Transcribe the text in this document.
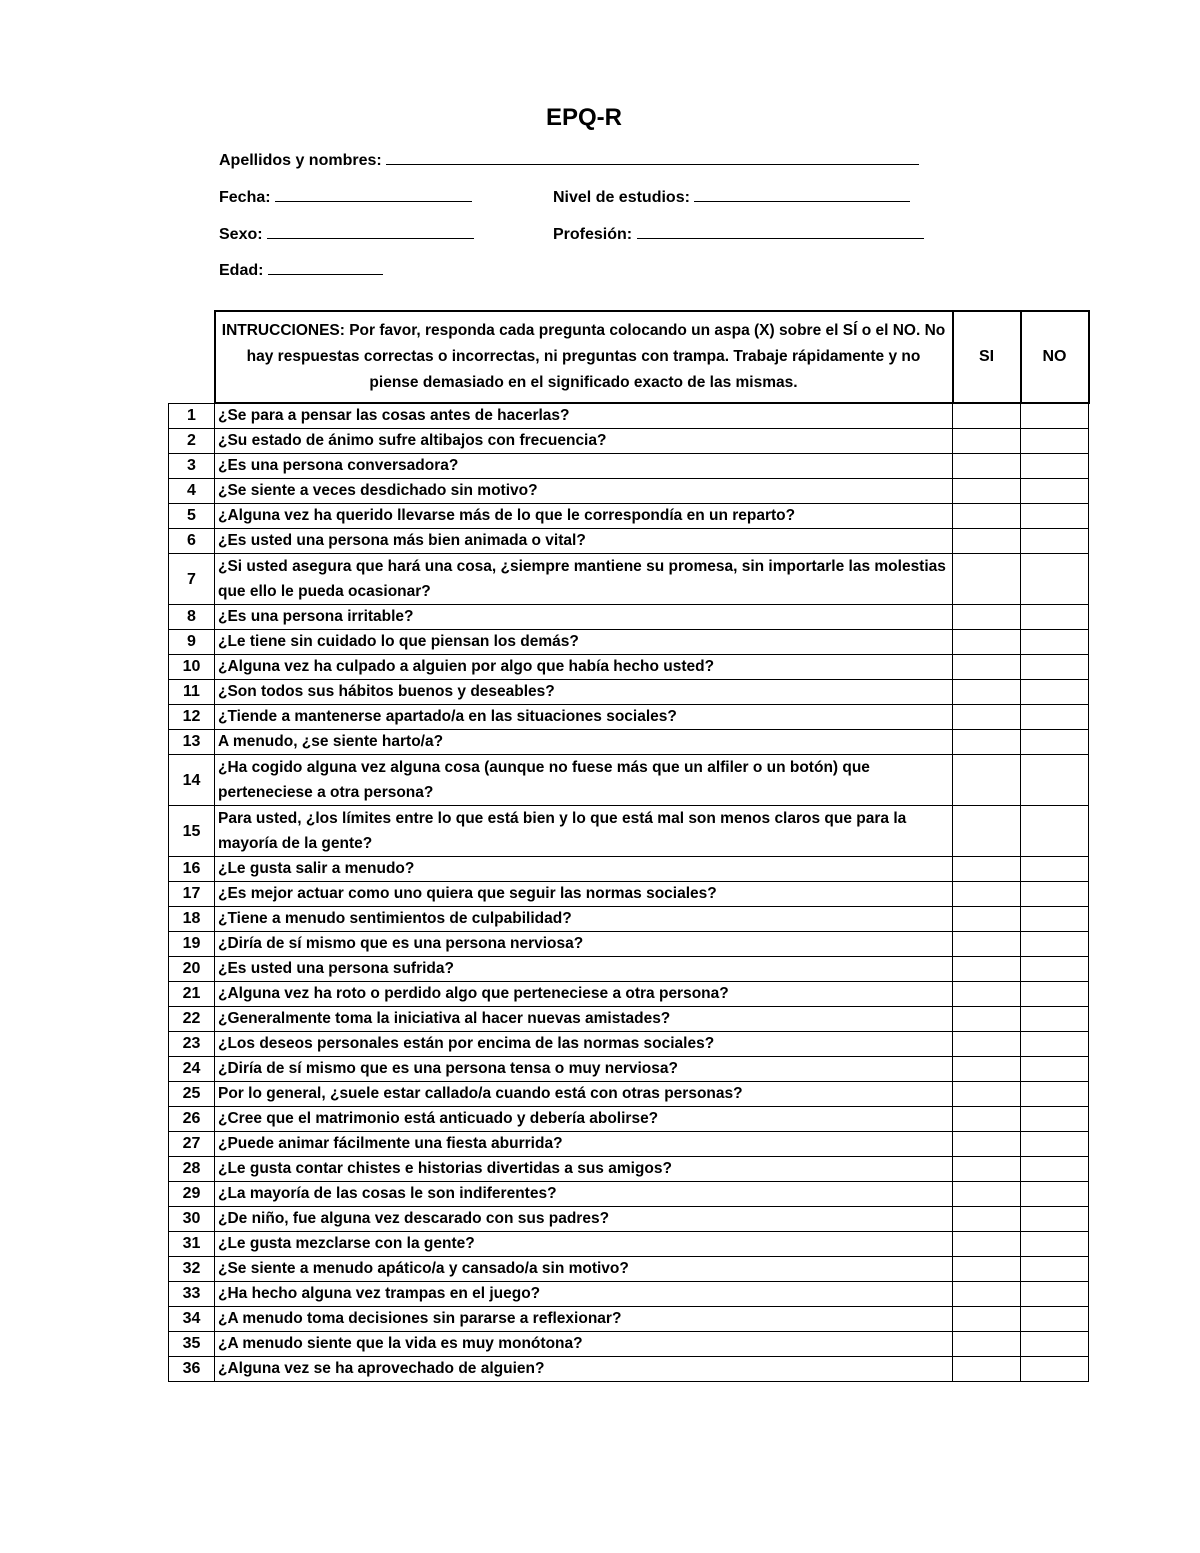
EPQ-R
Apellidos y nombres:
Fecha:	Nivel de estudios:
Sexo:	Profesión:
Edad:
	INTRUCCIONES: Por favor, responda cada pregunta colocando un aspa (X) sobre el SÍ o el NO. No hay respuestas correctas o incorrectas, ni preguntas con trampa. Trabaje rápidamente y no piense demasiado en el significado exacto de las mismas.	SI	NO
1	¿Se para a pensar las cosas antes de hacerlas?		
2	¿Su estado de ánimo sufre altibajos con frecuencia?		
3	¿Es una persona conversadora?		
4	¿Se siente a veces desdichado sin motivo?		
5	¿Alguna vez ha querido llevarse más de lo que le correspondía en un reparto?		
6	¿Es usted una persona más bien animada o vital?		
7	¿Si usted asegura que hará una cosa, ¿siempre mantiene su promesa, sin importarle las molestias que ello le pueda ocasionar?		
8	¿Es una persona irritable?		
9	¿Le tiene sin cuidado lo que piensan los demás?		
10	¿Alguna vez ha culpado a alguien por algo que había hecho usted?		
11	¿Son todos sus hábitos buenos y deseables?		
12	¿Tiende a mantenerse apartado/a en las situaciones sociales?		
13	A menudo, ¿se siente harto/a?		
14	¿Ha cogido alguna vez alguna cosa (aunque no fuese más que un alfiler o un botón) que perteneciese a otra persona?		
15	Para usted, ¿los límites entre lo que está bien y lo que está mal son menos claros que para la mayoría de la gente?		
16	¿Le gusta salir a menudo?		
17	¿Es mejor actuar como uno quiera que seguir las normas sociales?		
18	¿Tiene a menudo sentimientos de culpabilidad?		
19	¿Diría de sí mismo que es una persona nerviosa?		
20	¿Es usted una persona sufrida?		
21	¿Alguna vez ha roto o perdido algo que perteneciese a otra persona?		
22	¿Generalmente toma la iniciativa al hacer nuevas amistades?		
23	¿Los deseos personales están por encima de las normas sociales?		
24	¿Diría de sí mismo que es una persona tensa o muy nerviosa?		
25	Por lo general, ¿suele estar callado/a cuando está con otras personas?		
26	¿Cree que el matrimonio está anticuado y debería abolirse?		
27	¿Puede animar fácilmente una fiesta aburrida?		
28	¿Le gusta contar chistes e historias divertidas a sus amigos?		
29	¿La mayoría de las cosas le son indiferentes?		
30	¿De niño, fue alguna vez descarado con sus padres?		
31	¿Le gusta mezclarse con la gente?		
32	¿Se siente a menudo apático/a y cansado/a sin motivo?		
33	¿Ha hecho alguna vez trampas en el juego?		
34	¿A menudo toma decisiones sin pararse a reflexionar?		
35	¿A menudo siente que la vida es muy monótona?		
36	¿Alguna vez se ha aprovechado de alguien?		
